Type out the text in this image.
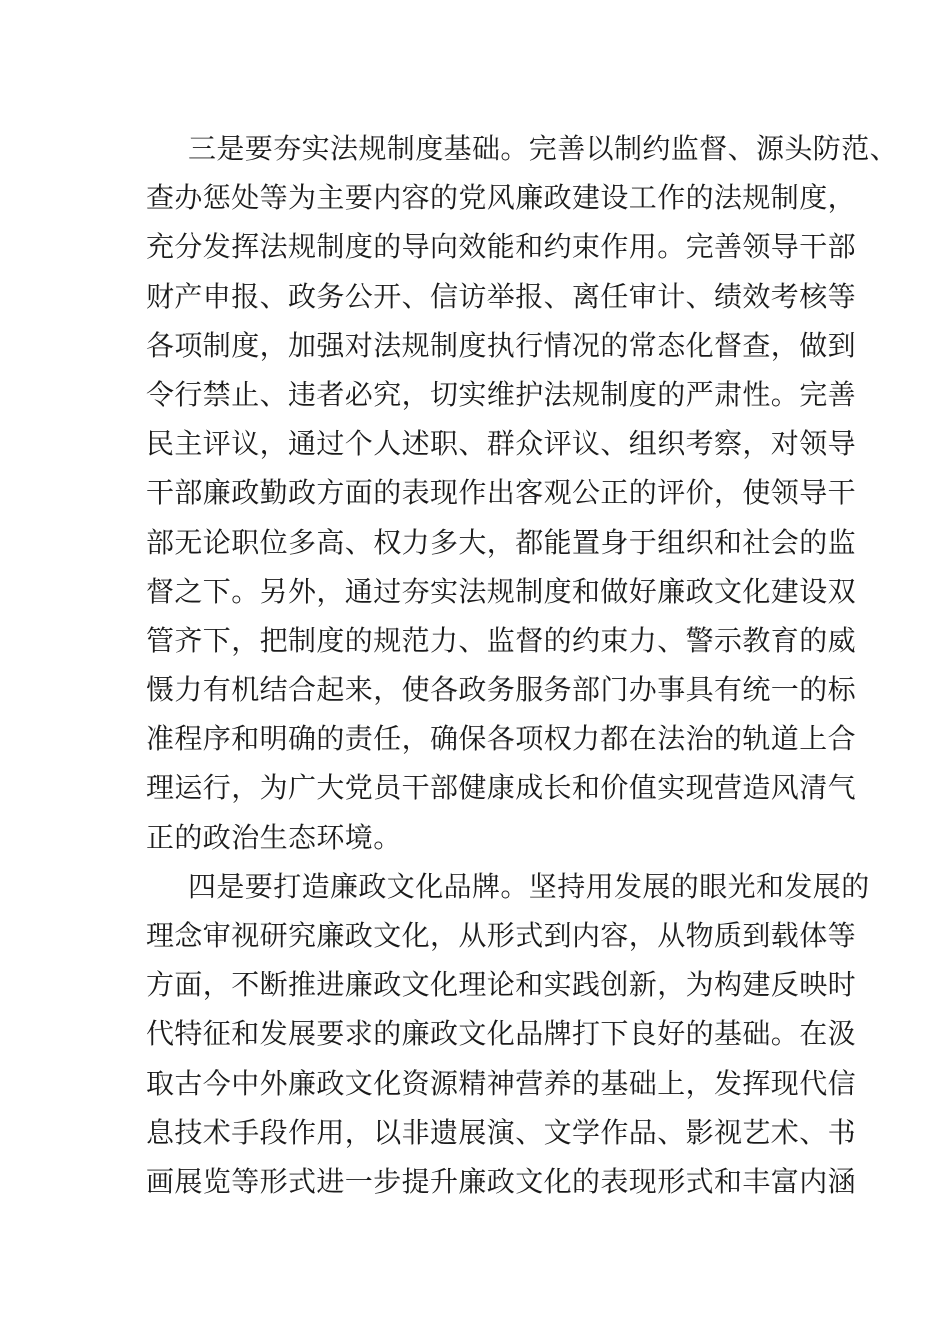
三是要夯实法规制度基础。完善以制约监督、源头防范、
查办惩处等为主要内容的党风廉政建设工作的法规制度，
充分发挥法规制度的导向效能和约束作用。完善领导干部
财产申报、政务公开、信访举报、离任审计、绩效考核等
各项制度，加强对法规制度执行情况的常态化督查，做到
令行禁止、违者必究，切实维护法规制度的严肃性。完善
民主评议，通过个人述职、群众评议、组织考察，对领导
干部廉政勤政方面的表现作出客观公正的评价，使领导干
部无论职位多高、权力多大，都能置身于组织和社会的监
督之下。另外，通过夯实法规制度和做好廉政文化建设双
管齐下，把制度的规范力、监督的约束力、警示教育的威
慑力有机结合起来，使各政务服务部门办事具有统一的标
准程序和明确的责任，确保各项权力都在法治的轨道上合
理运行，为广大党员干部健康成长和价值实现营造风清气
正的政治生态环境。
四是要打造廉政文化品牌。坚持用发展的眼光和发展的
理念审视研究廉政文化，从形式到内容，从物质到载体等
方面，不断推进廉政文化理论和实践创新，为构建反映时
代特征和发展要求的廉政文化品牌打下良好的基础。在汲
取古今中外廉政文化资源精神营养的基础上，发挥现代信
息技术手段作用，以非遗展演、文学作品、影视艺术、书
画展览等形式进一步提升廉政文化的表现形式和丰富内涵
